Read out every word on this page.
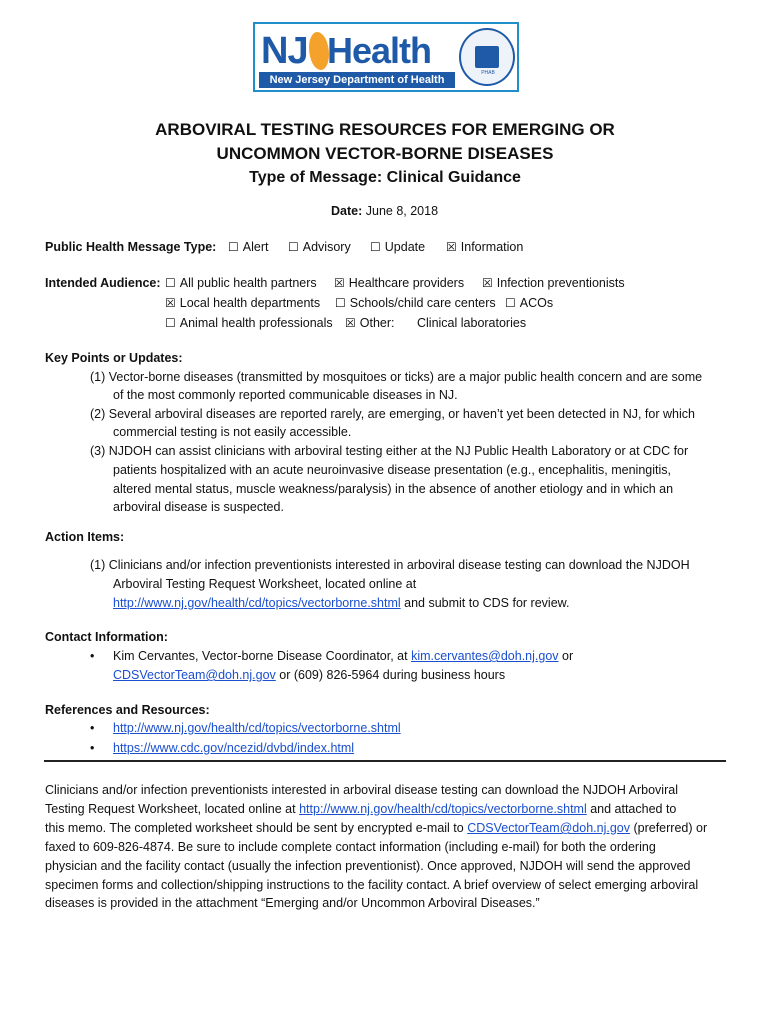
NJ Health
New Jersey Department of Health
PHAB
ARBOVIRAL TESTING RESOURCES FOR EMERGING OR
UNCOMMON VECTOR-BORNE DISEASES
Type of Message: Clinical Guidance
Date: June 8, 2018
Public Health Message Type: ☐ Alert ☐ Advisory ☐ Update ☒ Information
Intended Audience: ☐ All public health partners ☒ Healthcare providers ☒ Infection preventionists
☒ Local health departments ☐ Schools/child care centers ☐ ACOs
☐ Animal health professionals ☒ Other: Clinical laboratories
Key Points or Updates:
(1) Vector-borne diseases (transmitted by mosquitoes or ticks) are a major public health concern and are some
of the most commonly reported communicable diseases in NJ.
(2) Several arboviral diseases are reported rarely, are emerging, or haven’t yet been detected in NJ, for which
commercial testing is not easily accessible.
(3) NJDOH can assist clinicians with arboviral testing either at the NJ Public Health Laboratory or at CDC for
patients hospitalized with an acute neuroinvasive disease presentation (e.g., encephalitis, meningitis,
altered mental status, muscle weakness/paralysis) in the absence of another etiology and in which an
arboviral disease is suspected.
Action Items:
(1) Clinicians and/or infection preventionists interested in arboviral disease testing can download the NJDOH
Arboviral Testing Request Worksheet, located online at
http://www.nj.gov/health/cd/topics/vectorborne.shtml and submit to CDS for review.
Contact Information:
• Kim Cervantes, Vector-borne Disease Coordinator, at kim.cervantes@doh.nj.gov or
CDSVectorTeam@doh.nj.gov or (609) 826-5964 during business hours
References and Resources:
• http://www.nj.gov/health/cd/topics/vectorborne.shtml
• https://www.cdc.gov/ncezid/dvbd/index.html
Clinicians and/or infection preventionists interested in arboviral disease testing can download the NJDOH Arboviral
Testing Request Worksheet, located online at http://www.nj.gov/health/cd/topics/vectorborne.shtml and attached to
this memo. The completed worksheet should be sent by encrypted e-mail to CDSVectorTeam@doh.nj.gov (preferred) or
faxed to 609-826-4874. Be sure to include complete contact information (including e-mail) for both the ordering
physician and the facility contact (usually the infection preventionist). Once approved, NJDOH will send the approved
specimen forms and collection/shipping instructions to the facility contact. A brief overview of select emerging arboviral
diseases is provided in the attachment “Emerging and/or Uncommon Arboviral Diseases.”
